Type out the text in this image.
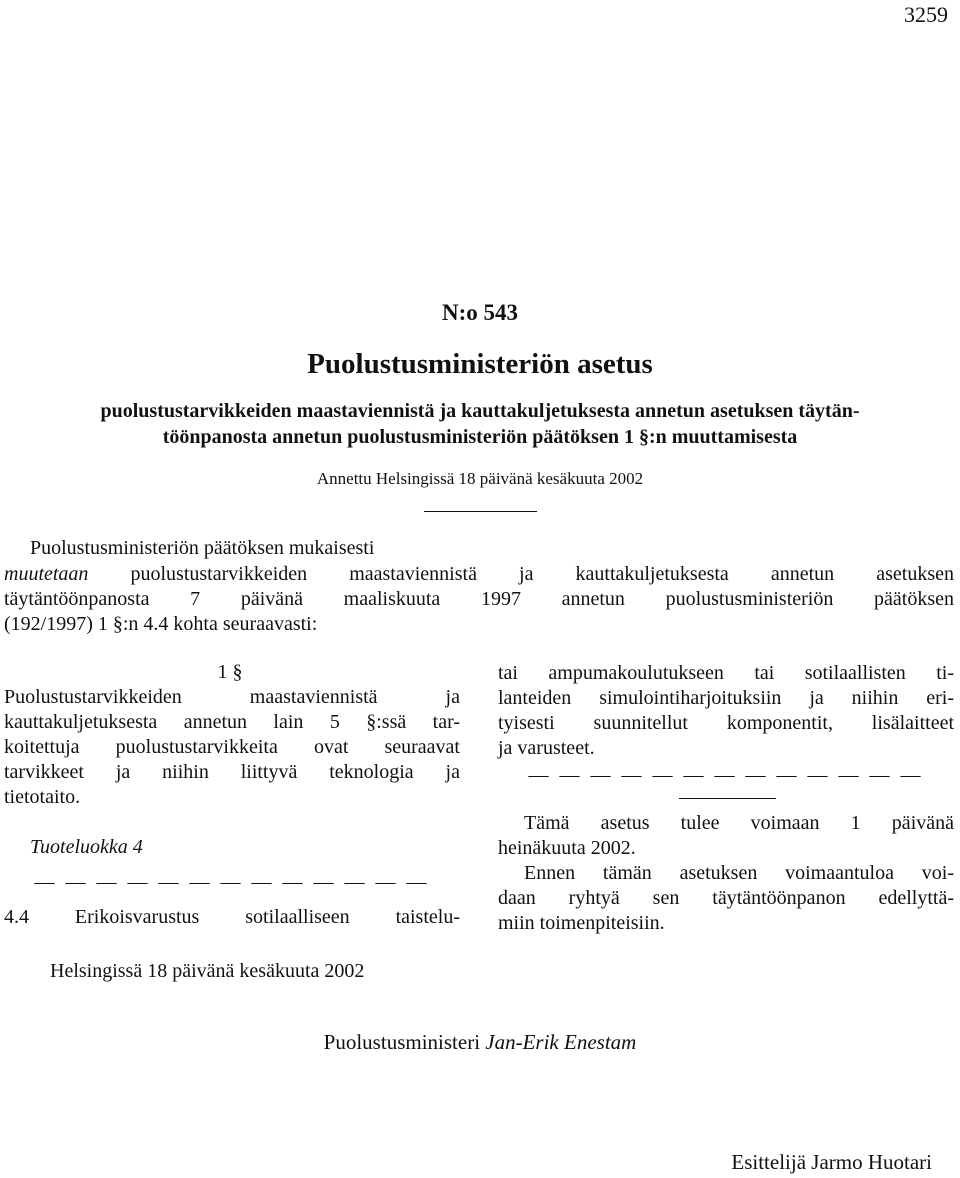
3259
N:o 543
Puolustusministeriön asetus
puolustustarvikkeiden maastaviennistä ja kauttakuljetuksesta annetun asetuksen täytän-
töönpanosta annetun puolustusministeriön päätöksen 1 §:n muuttamisesta
Annettu Helsingissä 18 päivänä kesäkuuta 2002
Puolustusministeriön päätöksen mukaisesti
muutetaan puolustustarvikkeiden maastaviennistä ja kauttakuljetuksesta annetun asetuksen
täytäntöönpanosta 7 päivänä maaliskuuta 1997 annetun puolustusministeriön päätöksen
(192/1997) 1 §:n 4.4 kohta seuraavasti:
1 §
Puolustustarvikkeiden maastaviennistä ja
kauttakuljetuksesta annetun lain 5 §:ssä tar-
koitettuja puolustustarvikkeita ovat seuraavat
tarvikkeet ja niihin liittyvä teknologia ja
tietotaito.
Tuoteluokka 4
— — — — — — — — — — — — —
4.4 Erikoisvarustus sotilaalliseen taistelu-
tai ampumakoulutukseen tai sotilaallisten ti-
lanteiden simulointiharjoituksiin ja niihin eri-
tyisesti suunnitellut komponentit, lisälaitteet
ja varusteet.
— — — — — — — — — — — — —
Tämä asetus tulee voimaan 1 päivänä
heinäkuuta 2002.
Ennen tämän asetuksen voimaantuloa voi-
daan ryhtyä sen täytäntöönpanon edellyttä-
miin toimenpiteisiin.
Helsingissä 18 päivänä kesäkuuta 2002
Puolustusministeri Jan-Erik Enestam
Esittelijä Jarmo Huotari
